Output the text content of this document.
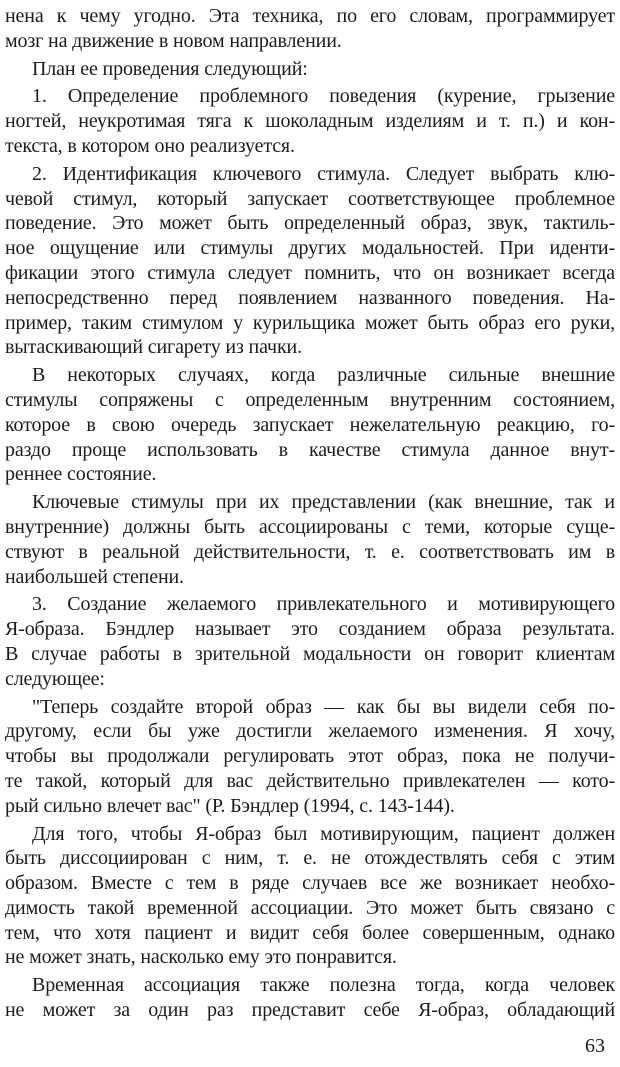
нена к чему угодно. Эта техника, по его словам, программирует
мозг на движение в новом направлении.
План ее проведения следующий:
1. Определение проблемного поведения (курение, грызение
ногтей, неукротимая тяга к шоколадным изделиям и т. п.) и кон-
текста, в котором оно реализуется.
2. Идентификация ключевого стимула. Следует выбрать клю-
чевой стимул, который запускает соответствующее проблемное
поведение. Это может быть определенный образ, звук, тактиль-
ное ощущение или стимулы других модальностей. При иденти-
фикации этого стимула следует помнить, что он возникает всегда
непосредственно перед появлением названного поведения. На-
пример, таким стимулом у курильщика может быть образ его руки,
вытаскивающий сигарету из пачки.
В некоторых случаях, когда различные сильные внешние
стимулы сопряжены с определенным внутренним состоянием,
которое в свою очередь запускает нежелательную реакцию, го-
раздо проще использовать в качестве стимула данное внут-
реннее состояние.
Ключевые стимулы при их представлении (как внешние, так и
внутренние) должны быть ассоциированы с теми, которые суще-
ствуют в реальной действительности, т. е. соответствовать им в
наибольшей степени.
3. Создание желаемого привлекательного и мотивирующего
Я-образа. Бэндлер называет это созданием образа результата.
В случае работы в зрительной модальности он говорит клиентам
следующее:
"Теперь создайте второй образ — как бы вы видели себя по-
другому, если бы уже достигли желаемого изменения. Я хочу,
чтобы вы продолжали регулировать этот образ, пока не получи-
те такой, который для вас действительно привлекателен — кото-
рый сильно влечет вас" (Р. Бэндлер (1994, с. 143-144).
Для того, чтобы Я-образ был мотивирующим, пациент должен
быть диссоциирован с ним, т. е. не отождествлять себя с этим
образом. Вместе с тем в ряде случаев все же возникает необхо-
димость такой временной ассоциации. Это может быть связано с
тем, что хотя пациент и видит себя более совершенным, однако
не может знать, насколько ему это понравится.
Временная ассоциация также полезна тогда, когда человек
не может за один раз представит себе Я-образ, обладающий
63
